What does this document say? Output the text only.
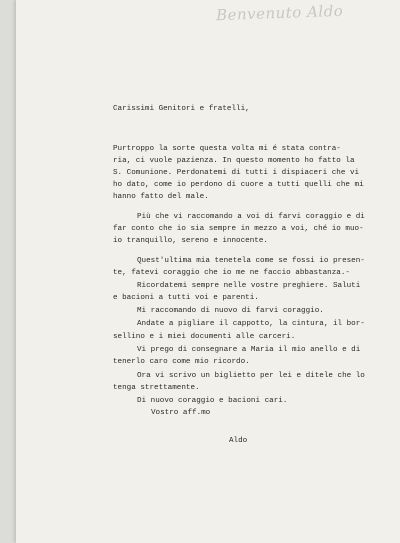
Benvenuto Aldo

Carissimi Genitori e fratelli,

Purtroppo la sorte questa volta mi é stata contra-

ria, ci vuole pazienza. In questo momento ho fatto la

S. Comunione. Perdonatemi di tutti i dispiaceri che vi

ho dato, come io perdono di cuore a tutti quelli che mi

hanno fatto del male.

Più che vi raccomando a voi di farvi coraggio e di

far conto che io sia sempre in mezzo a voi, ché io muo-

io tranquillo, sereno e innocente.

Quest'ultima mia tenetela come se fossi io presen-

te, fatevi coraggio che io me ne faccio abbastanza.-

Ricordatemi sempre nelle vostre preghiere. Saluti

e bacioni a tutti voi e parenti.

Mi raccomando di nuovo di farvi coraggio.

Andate a pigliare il cappotto, la cintura, il bor-

sellino e i miei documenti alle carceri.

Vi prego di consegnare a Maria il mio anello e di

tenerlo caro come mio ricordo.

Ora vi scrivo un biglietto per lei e ditele che lo

tenga strettamente.

Di nuovo coraggio e bacioni cari.

Vostro aff.mo

Aldo
